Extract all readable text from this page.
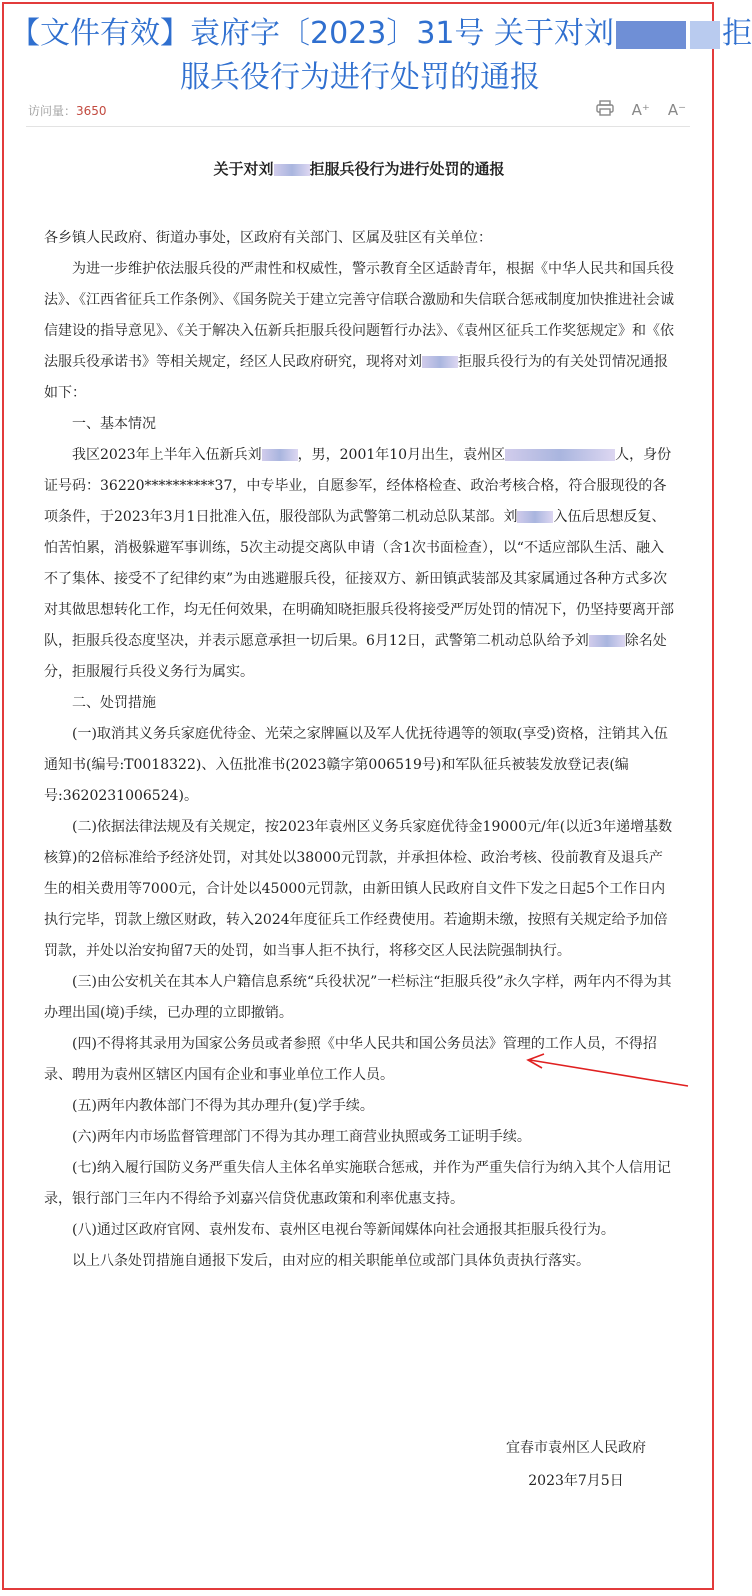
【文件有效】袁府字〔2023〕31号 关于对刘	拒
服兵役行为进行处罚的通报
访问量：3650	A⁺ A⁻

关于对刘 拒服兵役行为进行处罚的通报

各乡镇人民政府、街道办事处，区政府有关部门、区属及驻区有关单位：

为进一步维护依法服兵役的严肃性和权威性，警示教育全区适龄青年，根据《中华人民共和国兵役法》、《江西省征兵工作条例》、《国务院关于建立完善守信联合激励和失信联合惩戒制度加快推进社会诚信建设的指导意见》、《关于解决入伍新兵拒服兵役问题暂行办法》、《袁州区征兵工作奖惩规定》和《依法服兵役承诺书》等相关规定，经区人民政府研究，现将对刘	拒服兵役行为的有关处罚情况通报如下：

一、基本情况

我区2023年上半年入伍新兵刘	，男，2001年10月出生，袁州区	人，身份证号码：36220**********37，中专毕业，自愿参军，经体格检查、政治考核合格，符合服现役的各项条件，于2023年3月1日批准入伍，服役部队为武警第二机动总队某部。刘	入伍后思想反复、怕苦怕累，消极躲避军事训练，5次主动提交离队申请（含1次书面检查），以“不适应部队生活、融入不了集体、接受不了纪律约束”为由逃避服兵役，征接双方、新田镇武装部及其家属通过各种方式多次对其做思想转化工作，均无任何效果，在明确知晓拒服兵役将接受严厉处罚的情况下，仍坚持要离开部队，拒服兵役态度坚决，并表示愿意承担一切后果。6月12日，武警第二机动总队给予刘	除名处分，拒服履行兵役义务行为属实。

二、处罚措施

(一)取消其义务兵家庭优待金、光荣之家牌匾以及军人优抚待遇等的领取(享受)资格，注销其入伍通知书(编号:T0018322)、入伍批准书(2023赣字第006519号)和军队征兵被装发放登记表(编号:3620231006524)。

(二)依据法律法规及有关规定，按2023年袁州区义务兵家庭优待金19000元/年(以近3年递增基数核算)的2倍标准给予经济处罚，对其处以38000元罚款，并承担体检、政治考核、役前教育及退兵产生的相关费用等7000元，合计处以45000元罚款，由新田镇人民政府自文件下发之日起5个工作日内执行完毕，罚款上缴区财政，转入2024年度征兵工作经费使用。若逾期未缴，按照有关规定给予加倍罚款，并处以治安拘留7天的处罚，如当事人拒不执行，将移交区人民法院强制执行。

(三)由公安机关在其本人户籍信息系统“兵役状况”一栏标注“拒服兵役”永久字样，两年内不得为其办理出国(境)手续，已办理的立即撤销。

(四)不得将其录用为国家公务员或者参照《中华人民共和国公务员法》管理的工作人员，不得招录、聘用为袁州区辖区内国有企业和事业单位工作人员。

(五)两年内教体部门不得为其办理升(复)学手续。

(六)两年内市场监督管理部门不得为其办理工商营业执照或务工证明手续。

(七)纳入履行国防义务严重失信人主体名单实施联合惩戒，并作为严重失信行为纳入其个人信用记录，银行部门三年内不得给予刘嘉兴信贷优惠政策和利率优惠支持。

(八)通过区政府官网、袁州发布、袁州区电视台等新闻媒体向社会通报其拒服兵役行为。

以上八条处罚措施自通报下发后，由对应的相关职能单位或部门具体负责执行落实。

宜春市袁州区人民政府
2023年7月5日
